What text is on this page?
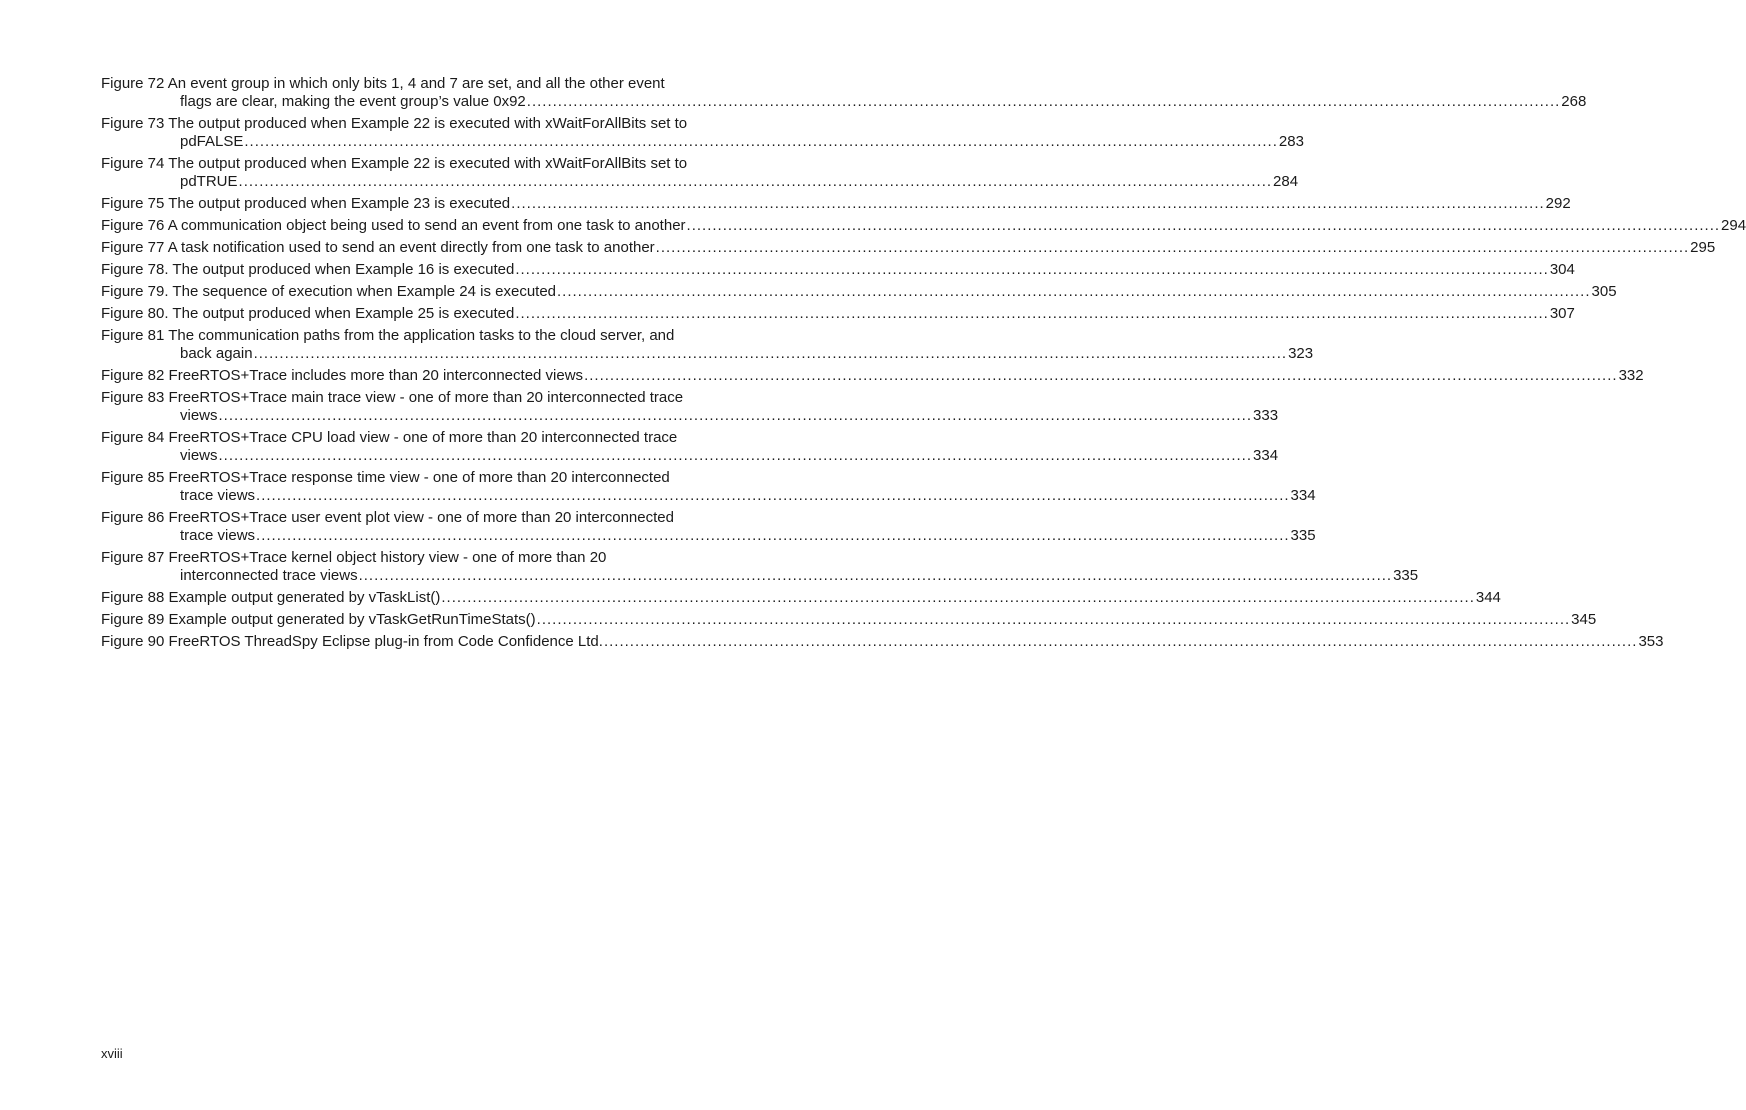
Figure 72 An event group in which only bits 1, 4 and 7 are set, and all the other event
flags are clear, making the event group’s value 0x92 ........................................................................................................................................................................................................ 268
Figure 73 The output produced when Example 22 is executed with xWaitForAllBits set to
pdFALSE ........................................................................................................................................................................................................ 283
Figure 74 The output produced when Example 22 is executed with xWaitForAllBits set to
pdTRUE ........................................................................................................................................................................................................ 284
Figure 75 The output produced when Example 23 is executed ........................................................................................................................................................................................................ 292
Figure 76 A communication object being used to send an event from one task to another ........................................................................................................................................................................................................ 294
Figure 77 A task notification used to send an event directly from one task to another ........................................................................................................................................................................................................ 295
Figure 78. The output produced when Example 16 is executed ........................................................................................................................................................................................................ 304
Figure 79. The sequence of execution when Example 24 is executed ........................................................................................................................................................................................................ 305
Figure 80. The output produced when Example 25 is executed ........................................................................................................................................................................................................ 307
Figure 81 The communication paths from the application tasks to the cloud server, and
back again ........................................................................................................................................................................................................ 323
Figure 82 FreeRTOS+Trace includes more than 20 interconnected views ........................................................................................................................................................................................................ 332
Figure 83 FreeRTOS+Trace main trace view - one of more than 20 interconnected trace
views ........................................................................................................................................................................................................ 333
Figure 84 FreeRTOS+Trace CPU load view - one of more than 20 interconnected trace
views ........................................................................................................................................................................................................ 334
Figure 85 FreeRTOS+Trace response time view - one of more than 20 interconnected
trace views ........................................................................................................................................................................................................ 334
Figure 86 FreeRTOS+Trace user event plot view - one of more than 20 interconnected
trace views ........................................................................................................................................................................................................ 335
Figure 87 FreeRTOS+Trace kernel object history view - one of more than 20
interconnected trace views ........................................................................................................................................................................................................ 335
Figure 88 Example output generated by vTaskList() ........................................................................................................................................................................................................ 344
Figure 89 Example output generated by vTaskGetRunTimeStats() ........................................................................................................................................................................................................ 345
Figure 90 FreeRTOS ThreadSpy Eclipse plug-in from Code Confidence Ltd. ........................................................................................................................................................................................................ 353
xviii
